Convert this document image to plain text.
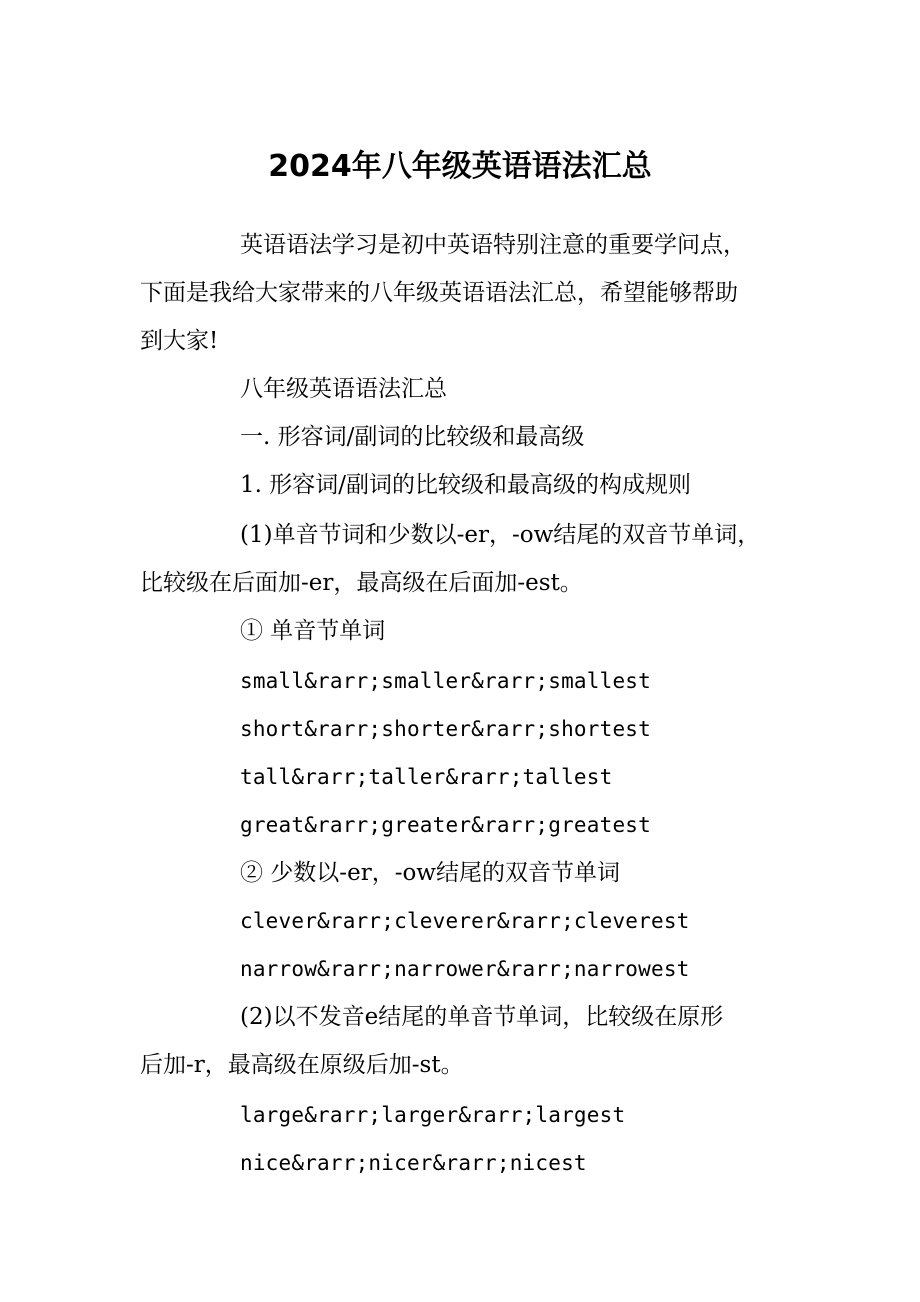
2024年八年级英语语法汇总
英语语法学习是初中英语特别注意的重要学问点，
下面是我给大家带来的八年级英语语法汇总，希望能够帮助
到大家!
八年级英语语法汇总
一. 形容词/副词的比较级和最高级
1. 形容词/副词的比较级和最高级的构成规则
(1)单音节词和少数以-er，-ow结尾的双音节单词，
比较级在后面加-er，最高级在后面加-est。
① 单音节单词
small&rarr;smaller&rarr;smallest
short&rarr;shorter&rarr;shortest
tall&rarr;taller&rarr;tallest
great&rarr;greater&rarr;greatest
② 少数以-er，-ow结尾的双音节单词
clever&rarr;cleverer&rarr;cleverest
narrow&rarr;narrower&rarr;narrowest
(2)以不发音e结尾的单音节单词，比较级在原形
后加-r，最高级在原级后加-st。
large&rarr;larger&rarr;largest
nice&rarr;nicer&rarr;nicest
